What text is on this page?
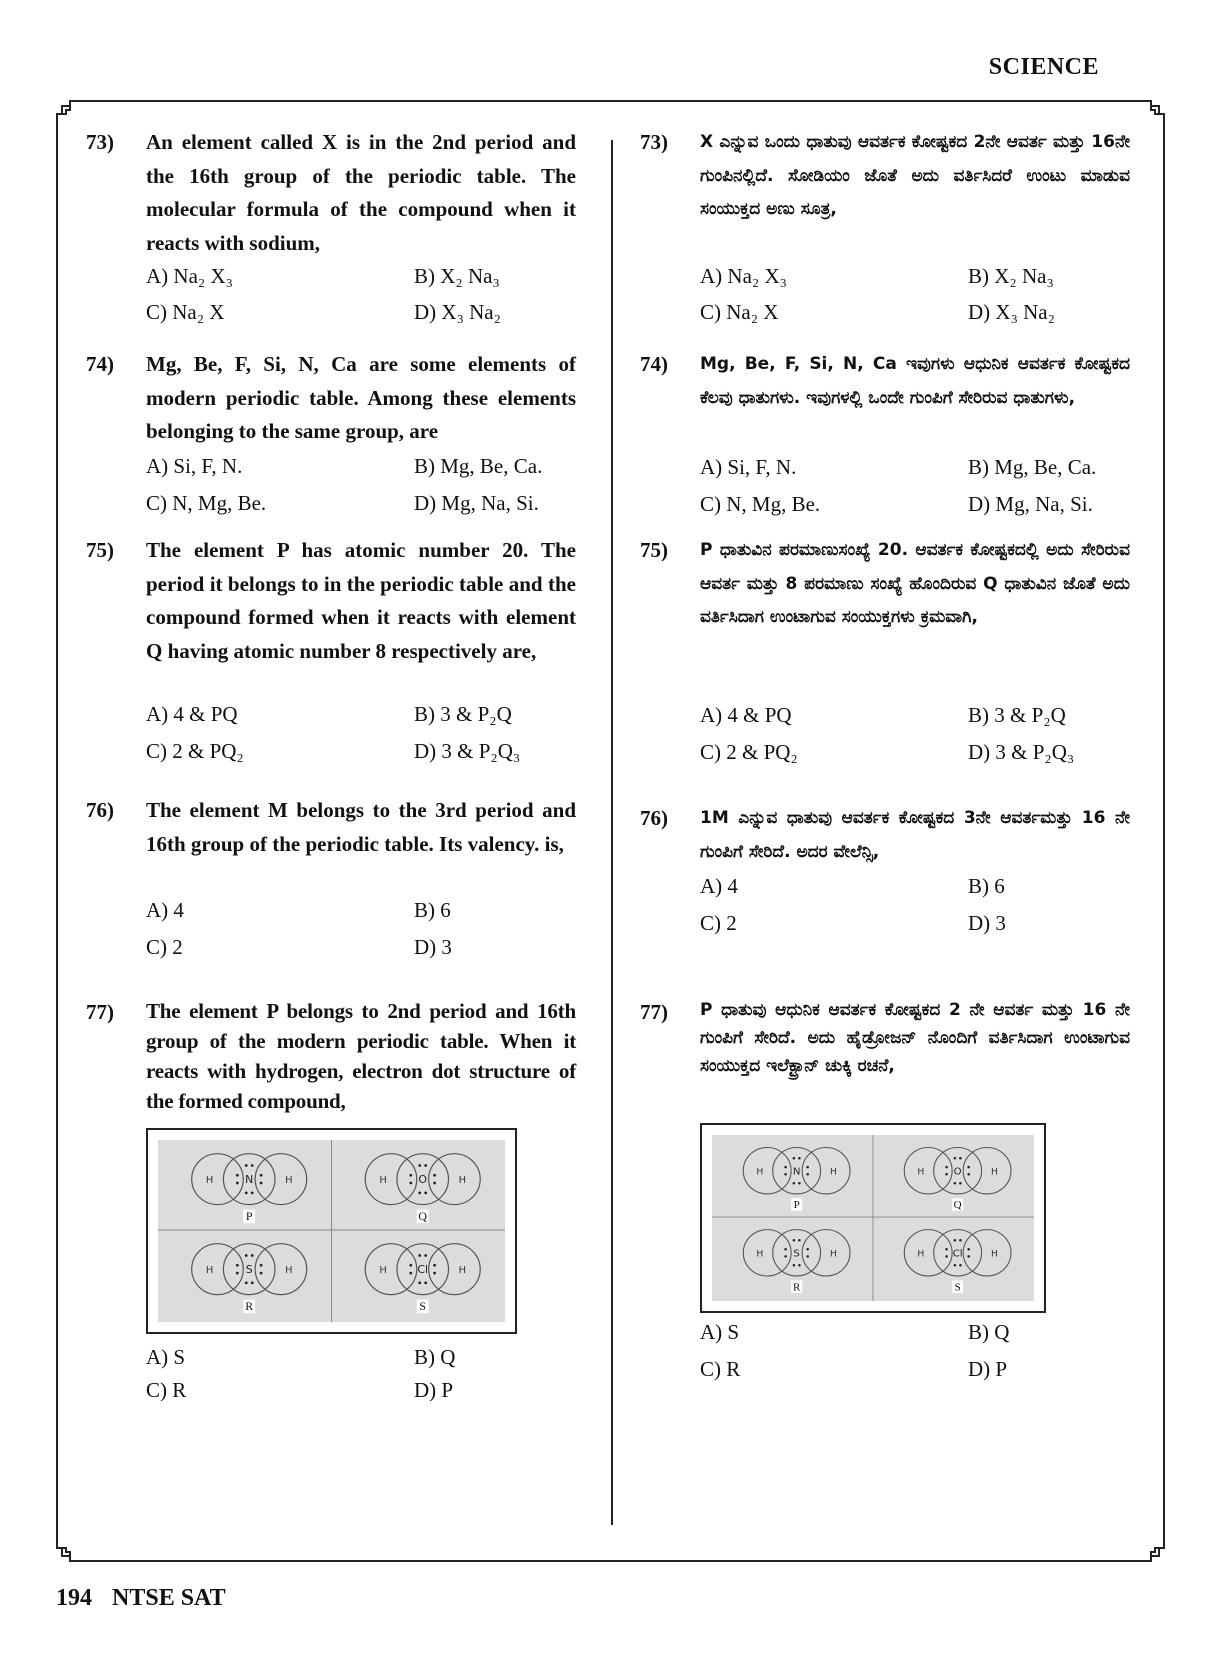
SCIENCE
73) An element called X is in the 2nd period and the 16th group of the periodic table. The molecular formula of the compound when it reacts with sodium,
A) Na₂ X₃	B) X₂ Na₃
C) Na₂ X	D) X₃ Na₂
74) Mg, Be, F, Si, N, Ca are some elements of modern periodic table. Among these elements belonging to the same group, are
A) Si, F, N.	B) Mg, Be, Ca.
C) N, Mg, Be.	D) Mg, Na, Si.
75) The element P has atomic number 20. The period it belongs to in the periodic table and the compound formed when it reacts with element Q having atomic number 8 respectively are,
A) 4 & PQ	B) 3 & P₂Q
C) 2 & PQ₂	D) 3 & P₂Q₃
76) The element M belongs to the 3rd period and 16th group of the periodic table. Its valency. is,
A) 4	B) 6
C) 2	D) 3
77) The element P belongs to 2nd period and 16th group of the modern periodic table. When it reacts with hydrogen, electron dot structure of the formed compound,
H	N	H
P
H	O	H
Q
H	S	H
R
H	Cl	H
S
A) S	B) Q
C) R	D) P
73) X ಎನ್ನುವ ಒಂದು ಧಾತುವು ಆವರ್ತಕ ಕೋಷ್ಟಕದ 2ನೇ ಆವರ್ತ ಮತ್ತು 16ನೇ ಗುಂಪಿನಲ್ಲಿದೆ. ಸೋಡಿಯಂ ಜೊತೆ ಅದು ವರ್ತಿಸಿದರೆ ಉಂಟು ಮಾಡುವ ಸಂಯುಕ್ತದ ಅಣು ಸೂತ್ರ,
A) Na₂ X₃	B) X₂ Na₃
C) Na₂ X	D) X₃ Na₂
74) Mg, Be, F, Si, N, Ca ಇವುಗಳು ಆಧುನಿಕ ಆವರ್ತಕ ಕೋಷ್ಟಕದ ಕೆಲವು ಧಾತುಗಳು. ಇವುಗಳಲ್ಲಿ ಒಂದೇ ಗುಂಪಿಗೆ ಸೇರಿರುವ ಧಾತುಗಳು,
A) Si, F, N.	B) Mg, Be, Ca.
C) N, Mg, Be.	D) Mg, Na, Si.
75) P ಧಾತುವಿನ ಪರಮಾಣುಸಂಖ್ಯೆ 20. ಆವರ್ತಕ ಕೋಷ್ಟಕದಲ್ಲಿ ಅದು ಸೇರಿರುವ ಆವರ್ತ ಮತ್ತು 8 ಪರಮಾಣು ಸಂಖ್ಯೆ ಹೊಂದಿರುವ Q ಧಾತುವಿನ ಜೊತೆ ಅದು ವರ್ತಿಸಿದಾಗ ಉಂಟಾಗುವ ಸಂಯುಕ್ತಗಳು ಕ್ರಮವಾಗಿ,
A) 4 & PQ	B) 3 & P₂Q
C) 2 & PQ₂	D) 3 & P₂Q₃
76) 1M ಎನ್ನುವ ಧಾತುವು ಆವರ್ತಕ ಕೋಷ್ಟಕದ 3ನೇ ಆವರ್ತಮತ್ತು 16 ನೇ ಗುಂಪಿಗೆ ಸೇರಿದೆ. ಅದರ ವೇಲೆನ್ಸಿ,
A) 4	B) 6
C) 2	D) 3
77) P ಧಾತುವು ಆಧುನಿಕ ಆವರ್ತಕ ಕೋಷ್ಟಕದ 2 ನೇ ಆವರ್ತ ಮತ್ತು 16 ನೇ ಗುಂಪಿಗೆ ಸೇರಿದೆ. ಅದು ಹೈಡ್ರೋಜನ್ ನೊಂದಿಗೆ ವರ್ತಿಸಿದಾಗ ಉಂಟಾಗುವ ಸಂಯುಕ್ತದ ಇಲೆಕ್ಟ್ರಾನ್ ಚುಕ್ಕಿ ರಚನೆ,
H	N	H
P
H	O	H
Q
H	S	H
R
H	Cl	H
S
A) S	B) Q
C) R	D) P
194 NTSE SAT
